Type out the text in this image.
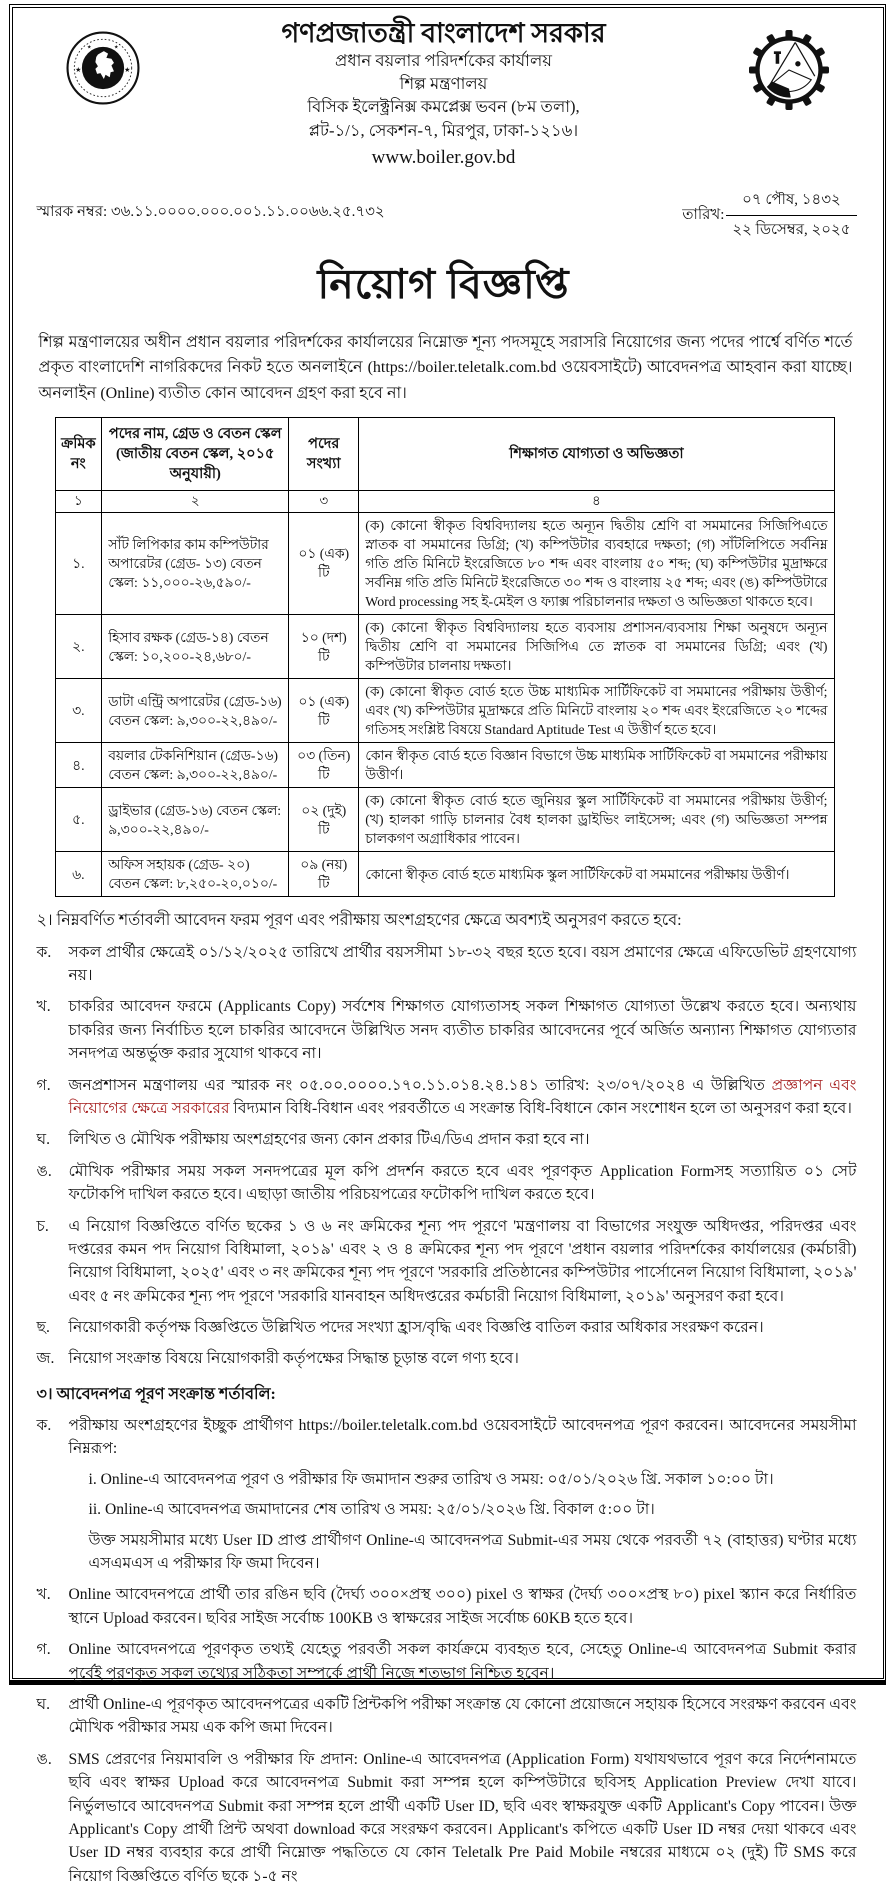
★	★
★	★	গণপ্রজাতন্ত্রী বাংলাদেশ সরকার
প্রধান বয়লার পরিদর্শকের কার্যালয়
শিল্প মন্ত্রণালয়
বিসিক ইলেক্ট্রনিক্স কমপ্লেক্স ভবন (৮ম তলা),
প্লট-১/১, সেকশন-৭, মিরপুর, ঢাকা-১২১৬।
www.boiler.gov.bd
স্মারক নম্বর: ৩৬.১১.০০০০.০০০.০০১.১১.০০৬৬.২৫.৭৩২	তারিখ: $\frac{\text{০৭ পৌষ, ১৪৩২}}{\text{২২ ডিসেম্বর, ২০২৫}}$
নিয়োগ বিজ্ঞপ্তি

শিল্প মন্ত্রণালয়ের অধীন প্রধান বয়লার পরিদর্শকের কার্যালয়ের নিম্নোক্ত শূন্য পদসমূহে সরাসরি নিয়োগের জন্য পদের পার্শ্বে বর্ণিত শর্তে প্রকৃত বাংলাদেশি নাগরিকদের নিকট হতে অনলাইনে (https://boiler.teletalk.com.bd ওয়েবসাইটে) আবেদনপত্র আহবান করা যাচ্ছে। অনলাইন (Online) ব্যতীত কোন আবেদন গ্রহণ করা হবে না।

ক্রমিক নং	পদের নাম, গ্রেড ও বেতন স্কেল (জাতীয় বেতন স্কেল, ২০১৫ অনুযায়ী)	পদের সংখ্যা	শিক্ষাগত যোগ্যতা ও অভিজ্ঞতা
১	২	৩	৪
১.	সাঁট লিপিকার কাম কম্পিউটার অপারেটর (গ্রেড- ১৩) বেতন স্কেল: ১১,০০০-২৬,৫৯০/-	০১ (এক) টি	(ক) কোনো স্বীকৃত বিশ্ববিদ্যালয় হতে অন্যূন দ্বিতীয় শ্রেণি বা সমমানের সিজিপিএতে স্নাতক বা সমমানের ডিগ্রি; (খ) কম্পিউটার ব্যবহারে দক্ষতা; (গ) সাঁটলিপিতে সর্বনিম্ন গতি প্রতি মিনিটে ইংরেজিতে ৮০ শব্দ এবং বাংলায় ৫০ শব্দ; (ঘ) কম্পিউটার মুদ্রাক্ষরে সর্বনিম্ন গতি প্রতি মিনিটে ইংরেজিতে ৩০ শব্দ ও বাংলায় ২৫ শব্দ; এবং (ঙ) কম্পিউটারে Word processing সহ ই-মেইল ও ফ্যাক্স পরিচালনার দক্ষতা ও অভিজ্ঞতা থাকতে হবে।
২.	হিসাব রক্ষক (গ্রেড-১৪) বেতন স্কেল: ১০,২০০-২৪,৬৮০/-	১০ (দশ) টি	(ক) কোনো স্বীকৃত বিশ্ববিদ্যালয় হতে ব্যবসায় প্রশাসন/ব্যবসায় শিক্ষা অনুষদে অন্যূন দ্বিতীয় শ্রেণি বা সমমানের সিজিপিএ তে স্নাতক বা সমমানের ডিগ্রি; এবং (খ) কম্পিউটার চালনায় দক্ষতা।
৩.	ডাটা এন্ট্রি অপারেটর (গ্রেড-১৬) বেতন স্কেল: ৯,৩০০-২২,৪৯০/-	০১ (এক) টি	(ক) কোনো স্বীকৃত বোর্ড হতে উচ্চ মাধ্যমিক সার্টিফিকেট বা সমমানের পরীক্ষায় উত্তীর্ণ; এবং (খ) কম্পিউটার মুদ্রাক্ষরে প্রতি মিনিটে বাংলায় ২০ শব্দ এবং ইংরেজিতে ২০ শব্দের গতিসহ সংশ্লিষ্ট বিষয়ে Standard Aptitude Test এ উত্তীর্ণ হতে হবে।
৪.	বয়লার টেকনিশিয়ান (গ্রেড-১৬) বেতন স্কেল: ৯,৩০০-২২,৪৯০/-	০৩ (তিন) টি	কোন স্বীকৃত বোর্ড হতে বিজ্ঞান বিভাগে উচ্চ মাধ্যমিক সার্টিফিকেট বা সমমানের পরীক্ষায় উত্তীর্ণ।
৫.	ড্রাইভার (গ্রেড-১৬) বেতন স্কেল: ৯,৩০০-২২,৪৯০/-	০২ (দুই) টি	(ক) কোনো স্বীকৃত বোর্ড হতে জুনিয়র স্কুল সার্টিফিকেট বা সমমানের পরীক্ষায় উত্তীর্ণ; (খ) হালকা গাড়ি চালনার বৈধ হালকা ড্রাইভিং লাইসেন্স; এবং (গ) অভিজ্ঞতা সম্পন্ন চালকগণ অগ্রাধিকার পাবেন।
৬.	অফিস সহায়ক (গ্রেড- ২০) বেতন স্কেল: ৮,২৫০-২০,০১০/-	০৯ (নয়) টি	কোনো স্বীকৃত বোর্ড হতে মাধ্যমিক স্কুল সার্টিফিকেট বা সমমানের পরীক্ষায় উত্তীর্ণ।
২। নিম্নবর্ণিত শর্তাবলী আবেদন ফরম পূরণ এবং পরীক্ষায় অংশগ্রহণের ক্ষেত্রে অবশ্যই অনুসরণ করতে হবে:
ক.	সকল প্রার্থীর ক্ষেত্রেই ০১/১২/২০২৫ তারিখে প্রার্থীর বয়সসীমা ১৮-৩২ বছর হতে হবে। বয়স প্রমাণের ক্ষেত্রে এফিডেভিট গ্রহণযোগ্য নয়।
খ.	চাকরির আবেদন ফরমে (Applicants Copy) সর্বশেষ শিক্ষাগত যোগ্যতাসহ সকল শিক্ষাগত যোগ্যতা উল্লেখ করতে হবে। অন্যথায় চাকরির জন্য নির্বাচিত হলে চাকরির আবেদনে উল্লিখিত সনদ ব্যতীত চাকরির আবেদনের পূর্বে অর্জিত অন্যান্য শিক্ষাগত যোগ্যতার সনদপত্র অন্তর্ভুক্ত করার সুযোগ থাকবে না।
গ.	জনপ্রশাসন মন্ত্রণালয় এর স্মারক নং ০৫.০০.০০০০.১৭০.১১.০১৪.২৪.১৪১ তারিখ: ২৩/০৭/২০২৪ এ উল্লিখিত প্রজ্ঞাপন এবং নিয়োগের ক্ষেত্রে সরকারের বিদ্যমান বিধি-বিধান এবং পরবর্তীতে এ সংক্রান্ত বিধি-বিধানে কোন সংশোধন হলে তা অনুসরণ করা হবে।
ঘ.	লিখিত ও মৌখিক পরীক্ষায় অংশগ্রহণের জন্য কোন প্রকার টিএ/ডিএ প্রদান করা হবে না।
ঙ.	মৌখিক পরীক্ষার সময় সকল সনদপত্রের মূল কপি প্রদর্শন করতে হবে এবং পূরণকৃত Application Formসহ সত্যায়িত ০১ সেট ফটোকপি দাখিল করতে হবে। এছাড়া জাতীয় পরিচয়পত্রের ফটোকপি দাখিল করতে হবে।
চ.	এ নিয়োগ বিজ্ঞপ্তিতে বর্ণিত ছকের ১ ও ৬ নং ক্রমিকের শূন্য পদ পূরণে 'মন্ত্রণালয় বা বিভাগের সংযুক্ত অধিদপ্তর, পরিদপ্তর এবং দপ্তরের কমন পদ নিয়োগ বিধিমালা, ২০১৯' এবং ২ ও ৪ ক্রমিকের শূন্য পদ পূরণে 'প্রধান বয়লার পরিদর্শকের কার্যালয়ের (কর্মচারী) নিয়োগ বিধিমালা, ২০২৫' এবং ৩ নং ক্রমিকের শূন্য পদ পূরণে 'সরকারি প্রতিষ্ঠানের কম্পিউটার পার্সোনেল নিয়োগ বিধিমালা, ২০১৯' এবং ৫ নং ক্রমিকের শূন্য পদ পূরণে 'সরকারি যানবাহন অধিদপ্তরের কর্মচারী নিয়োগ বিধিমালা, ২০১৯' অনুসরণ করা হবে।
ছ.	নিয়োগকারী কর্তৃপক্ষ বিজ্ঞপ্তিতে উল্লিখিত পদের সংখ্যা হ্রাস/বৃদ্ধি এবং বিজ্ঞপ্তি বাতিল করার অধিকার সংরক্ষণ করেন।
জ. নিয়োগ সংক্রান্ত বিষয়ে নিয়োগকারী কর্তৃপক্ষের সিদ্ধান্ত চূড়ান্ত বলে গণ্য হবে।
৩। আবেদনপত্র পূরণ সংক্রান্ত শর্তাবলি:
ক.	পরীক্ষায় অংশগ্রহণের ইচ্ছুক প্রার্থীগণ https://boiler.teletalk.com.bd ওয়েবসাইটে আবেদনপত্র পূরণ করবেন। আবেদনের সময়সীমা নিম্নরূপ:
i. Online-এ আবেদনপত্র পূরণ ও পরীক্ষার ফি জমাদান শুরুর তারিখ ও সময়: ০৫/০১/২০২৬ খ্রি. সকাল ১০:০০ টা।
ii. Online-এ আবেদনপত্র জমাদানের শেষ তারিখ ও সময়: ২৫/০১/২০২৬ খ্রি. বিকাল ৫:০০ টা।
উক্ত সময়সীমার মধ্যে User ID প্রাপ্ত প্রার্থীগণ Online-এ আবেদনপত্র Submit-এর সময় থেকে পরবর্তী ৭২ (বাহাত্তর) ঘণ্টার মধ্যে এসএমএস এ পরীক্ষার ফি জমা দিবেন।
খ.	Online আবেদনপত্রে প্রার্থী তার রঙিন ছবি (দৈর্ঘ্য ৩০০×প্রস্থ ৩০০) pixel ও স্বাক্ষর (দৈর্ঘ্য ৩০০×প্রস্থ ৮০) pixel স্ক্যান করে নির্ধারিত স্থানে Upload করবেন। ছবির সাইজ সর্বোচ্চ 100KB ও স্বাক্ষরের সাইজ সর্বোচ্চ 60KB হতে হবে।
গ.	Online আবেদনপত্রে পূরণকৃত তথ্যই যেহেতু পরবর্তী সকল কার্যক্রমে ব্যবহৃত হবে, সেহেতু Online-এ আবেদনপত্র Submit করার পূর্বেই পূরণকৃত সকল তথ্যের সঠিকতা সম্পর্কে প্রার্থী নিজে শতভাগ নিশ্চিত হবেন।
ঘ.	প্রার্থী Online-এ পূরণকৃত আবেদনপত্রের একটি প্রিন্টকপি পরীক্ষা সংক্রান্ত যে কোনো প্রয়োজনে সহায়ক হিসেবে সংরক্ষণ করবেন এবং মৌখিক পরীক্ষার সময় এক কপি জমা দিবেন।
ঙ.	SMS প্রেরণের নিয়মাবলি ও পরীক্ষার ফি প্রদান: Online-এ আবেদনপত্র (Application Form) যথাযথভাবে পূরণ করে নির্দেশনামতে ছবি এবং স্বাক্ষর Upload করে আবেদনপত্র Submit করা সম্পন্ন হলে কম্পিউটারে ছবিসহ Application Preview দেখা যাবে। নির্ভুলভাবে আবেদনপত্র Submit করা সম্পন্ন হলে প্রার্থী একটি User ID, ছবি এবং স্বাক্ষরযুক্ত একটি Applicant's Copy পাবেন। উক্ত Applicant's Copy প্রার্থী প্রিন্ট অথবা download করে সংরক্ষণ করবেন। Applicant's কপিতে একটি User ID নম্বর দেয়া থাকবে এবং User ID নম্বর ব্যবহার করে প্রার্থী নিম্নোক্ত পদ্ধতিতে যে কোন Teletalk Pre Paid Mobile নম্বরের মাধ্যমে ০২ (দুই) টি SMS করে নিয়োগ বিজ্ঞপ্তিতে বর্ণিত ছকে ১-৫ নং
